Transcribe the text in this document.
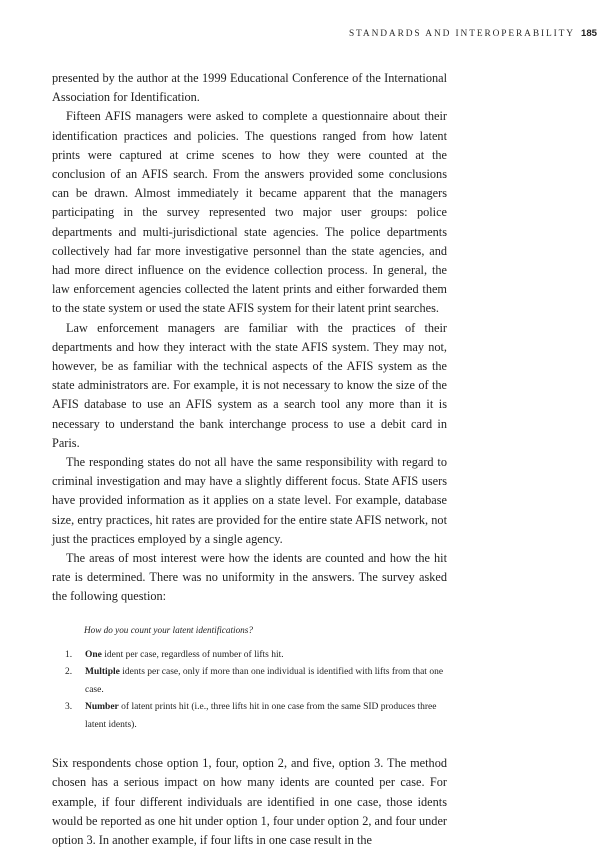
STANDARDS AND INTEROPERABILITY 185

presented by the author at the 1999 Educational Conference of the International Association for Identification.

Fifteen AFIS managers were asked to complete a questionnaire about their identification practices and policies. The questions ranged from how latent prints were captured at crime scenes to how they were counted at the conclusion of an AFIS search. From the answers provided some conclusions can be drawn. Almost immediately it became apparent that the managers participating in the survey represented two major user groups: police departments and multi-jurisdictional state agencies. The police departments collectively had far more investigative personnel than the state agencies, and had more direct influence on the evidence collection process. In general, the law enforcement agencies collected the latent prints and either forwarded them to the state system or used the state AFIS system for their latent print searches.

Law enforcement managers are familiar with the practices of their departments and how they interact with the state AFIS system. They may not, however, be as familiar with the technical aspects of the AFIS system as the state administrators are. For example, it is not necessary to know the size of the AFIS database to use an AFIS system as a search tool any more than it is necessary to understand the bank interchange process to use a debit card in Paris.

The responding states do not all have the same responsibility with regard to criminal investigation and may have a slightly different focus. State AFIS users have provided information as it applies on a state level. For example, database size, entry practices, hit rates are provided for the entire state AFIS network, not just the practices employed by a single agency.

The areas of most interest were how the idents are counted and how the hit rate is determined. There was no uniformity in the answers. The survey asked the following question:

How do you count your latent identifications?
1. One ident per case, regardless of number of lifts hit.
2. Multiple idents per case, only if more than one individual is identified with lifts from that one case.
3. Number of latent prints hit (i.e., three lifts hit in one case from the same SID produces three latent idents).

Six respondents chose option 1, four, option 2, and five, option 3. The method chosen has a serious impact on how many idents are counted per case. For example, if four different individuals are identified in one case, those idents would be reported as one hit under option 1, four under option 2, and four under option 3. In another example, if four lifts in one case result in the
